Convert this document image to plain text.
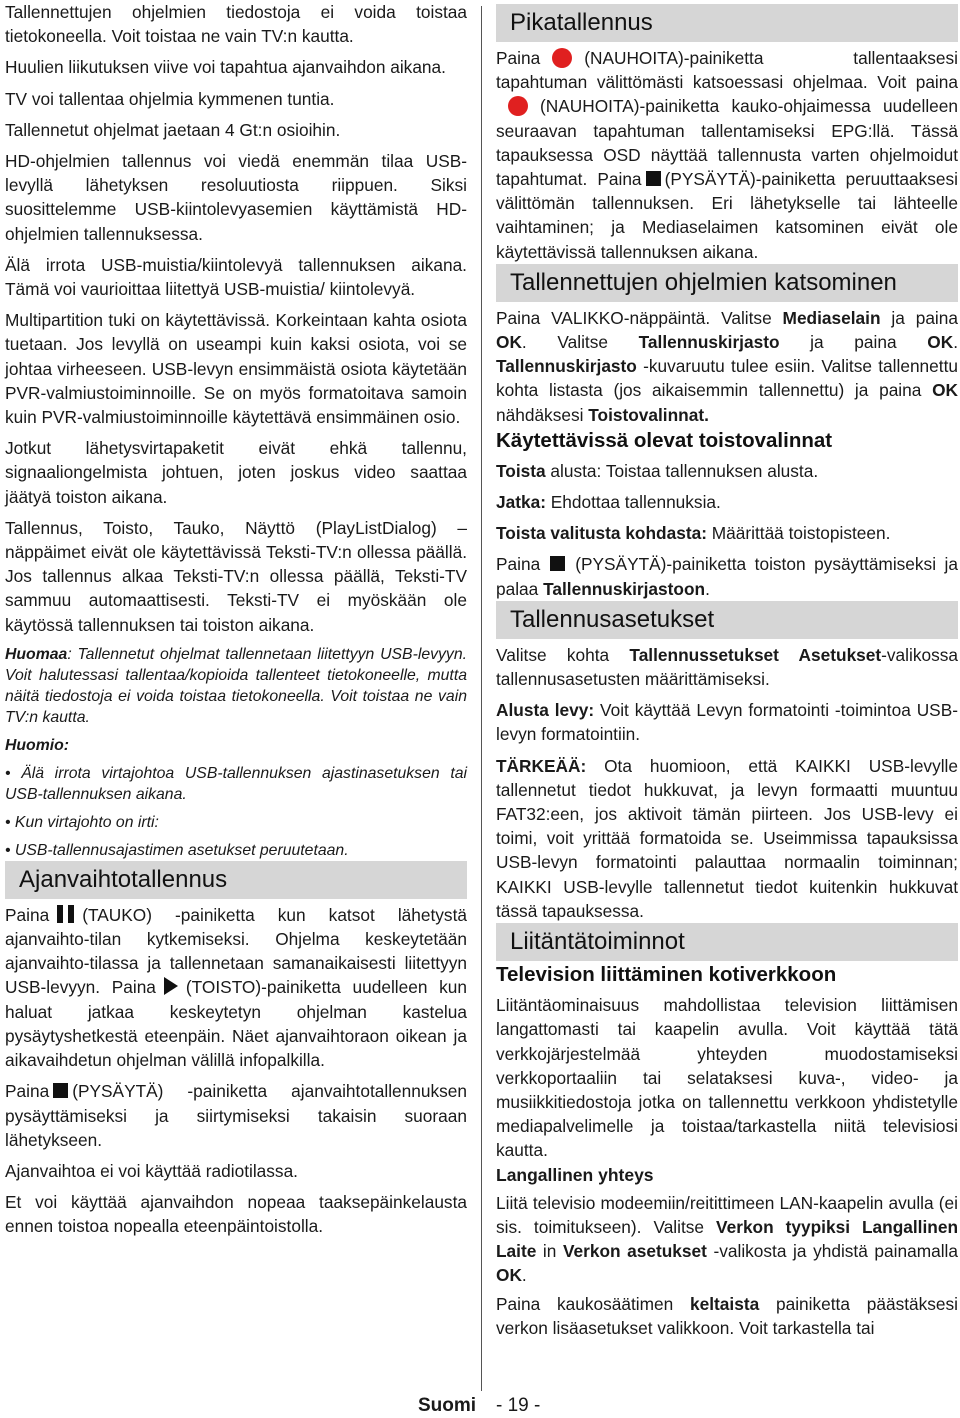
Tallennettujen ohjelmien tiedostoja ei voida toistaa tietokoneella. Voit toistaa ne vain TV:n kautta.

Huulien liikutuksen viive voi tapahtua ajanvaihdon aikana.

TV voi tallentaa ohjelmia kymmenen tuntia.

Tallennetut ohjelmat jaetaan 4 Gt:n osioihin.

HD-ohjelmien tallennus voi viedä enemmän tilaa USB-levyllä lähetyksen resoluutiosta riippuen. Siksi suosittelemme USB-kiintolevyasemien käyttämistä HD-ohjelmien tallennuksessa.

Älä irrota USB-muistia/kiintolevyä tallennuksen aikana. Tämä voi vaurioittaa liitettyä USB-muistia/ kiintolevyä.

Multipartition tuki on käytettävissä. Korkeintaan kahta osiota tuetaan. Jos levyllä on useampi kuin kaksi osiota, voi se johtaa virheeseen. USB-levyn ensimmäistä osiota käytetään PVR-valmiustoiminnoille. Se on myös formatoitava samoin kuin PVR-valmiustoiminnoille käytettävä ensimmäinen osio.

Jotkut lähetysvirtapaketit eivät ehkä tallennu, signaaliongelmista johtuen, joten joskus video saattaa jäätyä toiston aikana.

Tallennus, Toisto, Tauko, Näyttö (PlayListDialog) –näppäimet eivät ole käytettävissä Teksti-TV:n ollessa päällä. Jos tallennus alkaa Teksti-TV:n ollessa päällä, Teksti-TV sammuu automaattisesti. Teksti-TV ei myöskään ole käytössä tallennuksen tai toiston aikana.

Huomaa: Tallennetut ohjelmat tallennetaan liitettyyn USB-levyyn. Voit halutessasi tallentaa/kopioida tallenteet tietokoneelle, mutta näitä tiedostoja ei voida toistaa tietokoneella. Voit toistaa ne vain TV:n kautta.

Huomio:

• Älä irrota virtajohtoa USB-tallennuksen ajastinasetuksen tai USB-tallennuksen aikana.

• Kun virtajohto on irti:

• USB-tallennusajastimen asetukset peruutetaan.

Ajanvaihtotallennus

Paina (TAUKO) -painiketta kun katsot lähetystä ajanvaihto-tilan kytkemiseksi. Ohjelma keskeytetään ajanvaihto-tilassa ja tallennetaan samanaikaisesti liitettyyn USB-levyyn. Paina (TOISTO)-painiketta uudelleen kun haluat jatkaa keskeytetyn ohjelman kastelua pysäytyshetkestä eteenpäin. Näet ajanvaihtoraon oikean ja aikavaihdetun ohjelman välillä infopalkilla.

Paina (PYSÄYTÄ) -painiketta ajanvaihtotallennuksen pysäyttämiseksi ja siirtymiseksi takaisin suoraan lähetykseen.

Ajanvaihtoa ei voi käyttää radiotilassa.

Et voi käyttää ajanvaihdon nopeaa taaksepäinkelausta ennen toistoa nopealla eteenpäintoistolla.

Pikatallennus

Paina	(NAUHOITA)-painiketta tallentaaksesi tapahtuman välittömästi katsoessasi ohjelmaa. Voit paina(NAUHOITA)-painiketta kauko-ohjaimessa uudelleen seuraavan tapahtuman tallentamiseksi EPG:llä. Tässä tapauksessa OSD näyttää tallennusta varten ohjelmoidut tapahtumat. Paina (PYSÄYTÄ)-painiketta peruuttaaksesi välittömän tallennuksen. Eri lähetykselle tai lähteelle vaihtaminen; ja Mediaselaimen katsominen eivät ole käytettävissä tallennuksen aikana.

Tallennettujen ohjelmien katsominen

Paina VALIKKO-näppäintä. Valitse Mediaselain ja paina OK. Valitse Tallennuskirjasto ja paina OK. Tallennuskirjasto -kuvaruutu tulee esiin. Valitse tallennettu kohta listasta (jos aikaisemmin tallennettu) ja paina OK nähdäksesi Toistovalinnat.

Käytettävissä olevat toistovalinnat

Toista alusta: Toistaa tallennuksen alusta.

Jatka: Ehdottaa tallennuksia.

Toista valitusta kohdasta: Määrittää toistopisteen.

Paina (PYSÄYTÄ)-painiketta toiston pysäyttämiseksi ja palaa Tallennuskirjastoon.

Tallennusasetukset

Valitse kohta Tallennussetukset Asetukset-valikossa tallennusasetusten määrittämiseksi.

Alusta levy: Voit käyttää Levyn formatointi -toimintoa USB-levyn formatointiin.

TÄRKEÄÄ: Ota huomioon, että KAIKKI USB-levylle tallennetut tiedot hukkuvat, ja levyn formaatti muuntuu FAT32:een, jos aktivoit tämän piirteen. Jos USB-levy ei toimi, voit yrittää formatoida se. Useimmissa tapauksissa USB-levyn formatointi palauttaa normaalin toiminnan; KAIKKI USB-levylle tallennetut tiedot kuitenkin hukkuvat tässä tapauksessa.

Liitäntätoiminnot
Television liittäminen kotiverkkoon

Liitäntäominaisuus mahdollistaa television liittämisen langattomasti tai kaapelin avulla. Voit käyttää tätä verkkojärjestelmää yhteyden muodostamiseksi verkkoportaaliin tai selataksesi kuva-, video- ja musiikkitiedostoja jotka on tallennettu verkkoon yhdistetylle mediapalvelimelle ja toistaa/tarkastella niitä televisiosi kautta.

Langallinen yhteys

Liitä televisio modeemiin/reitittimeen LAN-kaapelin avulla (ei sis. toimitukseen). Valitse Verkon tyypiksi Langallinen Laite in Verkon asetukset -valikosta ja yhdistä painamalla OK.

Paina kaukosäätimen keltaista painiketta päästäksesi verkon lisäasetukset valikkoon. Voit tarkastella tai

Suomi - 19 -
